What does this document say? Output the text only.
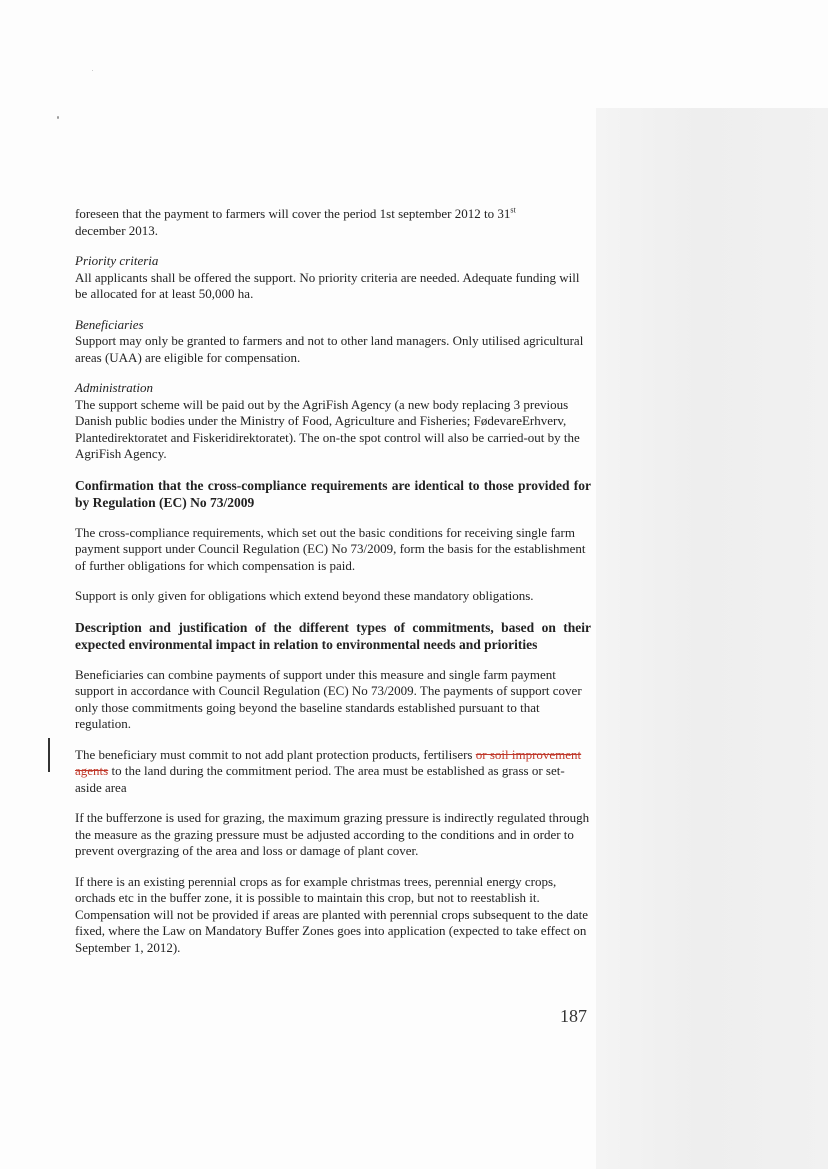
foreseen that the payment to farmers will cover the period 1st september 2012 to 31st

december 2013.

Priority criteria

All applicants shall be offered the support. No priority criteria are needed. Adequate funding will be allocated for at least 50,000 ha.

Beneficiaries

Support may only be granted to farmers and not to other land managers. Only utilised agricultural areas (UAA) are eligible for compensation.

Administration

The support scheme will be paid out by the AgriFish Agency (a new body replacing 3 previous Danish public bodies under the Ministry of Food, Agriculture and Fisheries; FødevareErhverv, Plantedirektoratet and Fiskeridirektoratet). The on-the spot control will also be carried-out by the AgriFish Agency.

Confirmation that the cross-compliance requirements are identical to those provided for by Regulation (EC) No 73/2009

The cross-compliance requirements, which set out the basic conditions for receiving single farm payment support under Council Regulation (EC) No 73/2009, form the basis for the establishment of further obligations for which compensation is paid.

Support is only given for obligations which extend beyond these mandatory obligations.

Description and justification of the different types of commitments, based on their expected environmental impact in relation to environmental needs and priorities

Beneficiaries can combine payments of support under this measure and single farm payment support in accordance with Council Regulation (EC) No 73/2009. The payments of support cover only those commitments going beyond the baseline standards established pursuant to that regulation.

The beneficiary must commit to not add plant protection products, fertilisers or soil improvement agents to the land during the commitment period. The area must be established as grass or set- aside area

If the bufferzone is used for grazing, the maximum grazing pressure is indirectly regulated through the measure as the grazing pressure must be adjusted according to the conditions and in order to prevent overgrazing of the area and loss or damage of plant cover.

If there is an existing perennial crops as for example christmas trees, perennial energy crops, orchads etc in the buffer zone, it is possible to maintain this crop, but not to reestablish it. Compensation will not be provided if areas are planted with perennial crops subsequent to the date fixed, where the Law on Mandatory Buffer Zones goes into application (expected to take effect on September 1, 2012).

187
